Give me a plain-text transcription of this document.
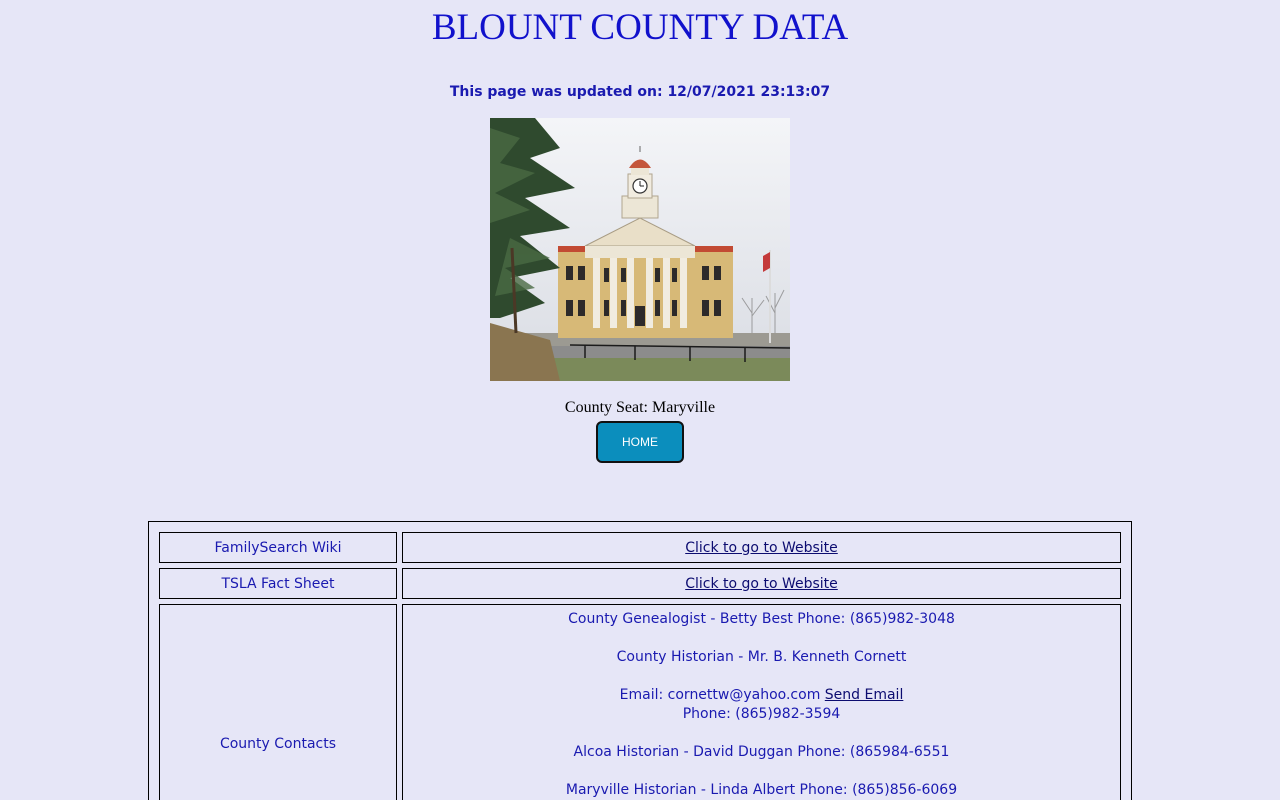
BLOUNT COUNTY DATA
This page was updated on: 12/07/2021 23:13:07
County Seat: Maryville
HOME
FamilySearch Wiki	Click to go to Website
TSLA Fact Sheet	Click to go to Website
County Contacts

County Genealogist - Betty Best Phone: (865)982-3048

County Historian - Mr. B. Kenneth Cornett

Email: cornettw@yahoo.com Send Email

Phone: (865)982-3594

Alcoa Historian - David Duggan Phone: (865984-6551

Maryville Historian - Linda Albert Phone: (865)856-6069
